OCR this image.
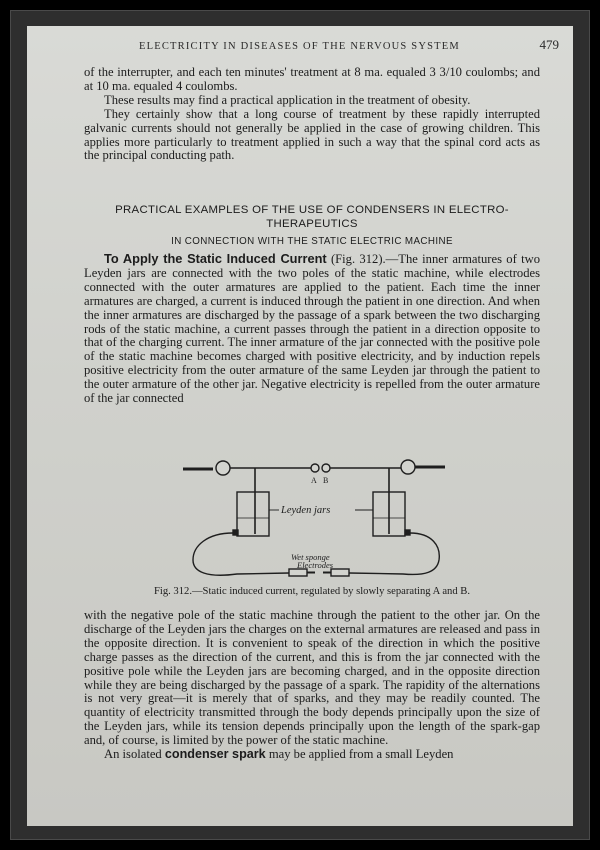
ELECTRICITY IN DISEASES OF THE NERVOUS SYSTEM	479

of the interrupter, and each ten minutes' treatment at 8 ma. equaled 3 3/10 coulombs; and at 10 ma. equaled 4 coulombs.

These results may find a practical application in the treatment of obesity.

They certainly show that a long course of treatment by these rapidly interrupted galvanic currents should not generally be applied in the case of growing children. This applies more particularly to treatment applied in such a way that the spinal cord acts as the principal conducting path.

PRACTICAL EXAMPLES OF THE USE OF CONDENSERS IN ELECTRO-THERAPEUTICS
IN CONNECTION WITH THE STATIC ELECTRIC MACHINE

To Apply the Static Induced Current (Fig. 312).—The inner armatures of two Leyden jars are connected with the two poles of the static machine, while electrodes connected with the outer armatures are applied to the patient. Each time the inner armatures are charged, a current is induced through the patient in one direction. And when the inner armatures are discharged by the passage of a spark between the two discharging rods of the static machine, a current passes through the patient in a direction opposite to that of the charging current. The inner armature of the jar connected with the positive pole of the static machine becomes charged with positive electricity, and by induction repels positive electricity from the outer armature of the same Leyden jar through the patient to the outer armature of the other jar. Negative electricity is repelled from the outer armature of the jar connected

A B
Leyden jars
Wet sponge
Electrodes
Fig. 312.—Static induced current, regulated by slowly separating A and B.

with the negative pole of the static machine through the patient to the other jar. On the discharge of the Leyden jars the charges on the external armatures are released and pass in the opposite direction. It is convenient to speak of the direction in which the positive charge passes as the direction of the current, and this is from the jar connected with the positive pole while the Leyden jars are becoming charged, and in the opposite direction while they are being discharged by the passage of a spark. The rapidity of the alternations is not very great—it is merely that of sparks, and they may be readily counted. The quantity of electricity transmitted through the body depends principally upon the size of the Leyden jars, while its tension depends principally upon the length of the spark-gap and, of course, is limited by the power of the static machine.

An isolated condenser spark may be applied from a small Leyden
